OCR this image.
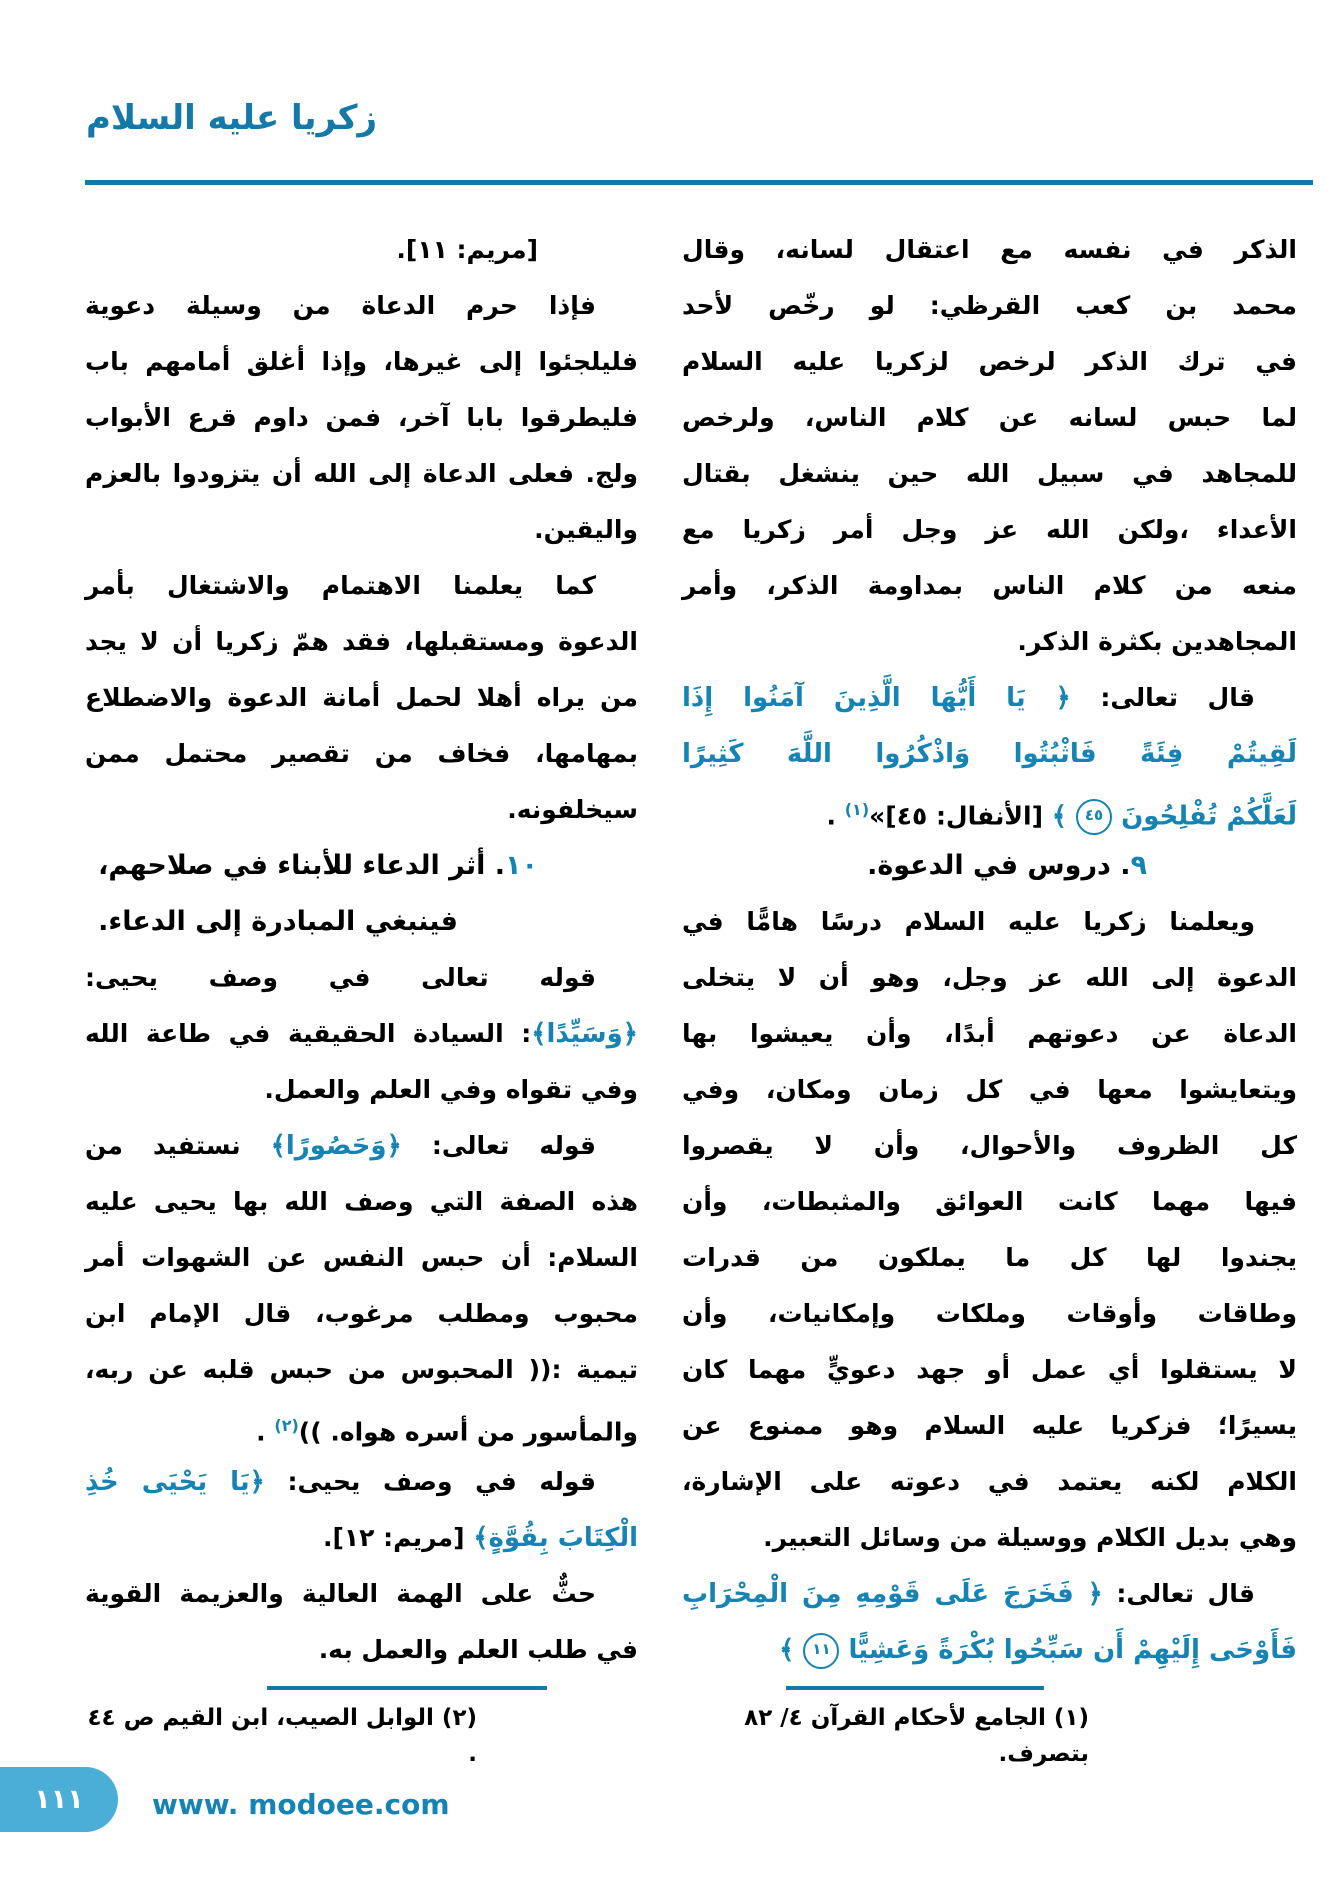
زكريا عليه السلام
الذكر في نفسه مع اعتقال لسانه، وقال
محمد بن كعب القرظي: لو رخّص لأحد
في ترك الذكر لرخص لزكريا عليه السلام
لما حبس لسانه عن كلام الناس، ولرخص
للمجاهد في سبيل الله حين ينشغل بقتال
الأعداء ،ولكن الله عز وجل أمر زكريا مع
منعه من كلام الناس بمداومة الذكر، وأمر
المجاهدين بكثرة الذكر.
قال تعالى: ﴿ يَا أَيُّهَا الَّذِينَ آمَنُوا إِذَا
لَقِيتُمْ فِئَةً فَاثْبُتُوا وَاذْكُرُوا اللَّهَ كَثِيرًا
لَعَلَّكُمْ تُفْلِحُونَ ٤٥ ﴾ [الأنفال: ٤٥]»$^{(١)}$ .
٩. دروس في الدعوة.
ويعلمنا زكريا عليه السلام درسًا هامًّا في
الدعوة إلى الله عز وجل، وهو أن لا يتخلى
الدعاة عن دعوتهم أبدًا، وأن يعيشوا بها
ويتعايشوا معها في كل زمان ومكان، وفي
كل الظروف والأحوال، وأن لا يقصروا
فيها مهما كانت العوائق والمثبطات، وأن
يجندوا لها كل ما يملكون من قدرات
وطاقات وأوقات وملكات وإمكانيات، وأن
لا يستقلوا أي عمل أو جهد دعويٍّ مهما كان
يسيرًا؛ فزكريا عليه السلام وهو ممنوع عن
الكلام لكنه يعتمد في دعوته على الإشارة،
وهي بديل الكلام ووسيلة من وسائل التعبير.
قال تعالى: ﴿ فَخَرَجَ عَلَى قَوْمِهِ مِنَ الْمِحْرَابِ
فَأَوْحَى إِلَيْهِمْ أَن سَبِّحُوا بُكْرَةً وَعَشِيًّا ١١ ﴾
[مريم: ١١].
فإذا حرم الدعاة من وسيلة دعوية
فليلجئوا إلى غيرها، وإذا أغلق أمامهم باب
فليطرقوا بابا آخر، فمن داوم قرع الأبواب
ولج. فعلى الدعاة إلى الله أن يتزودوا بالعزم
واليقين.
كما يعلمنا الاهتمام والاشتغال بأمر
الدعوة ومستقبلها، فقد همّ زكريا أن لا يجد
من يراه أهلا لحمل أمانة الدعوة والاضطلاع
بمهامها، فخاف من تقصير محتمل ممن
سيخلفونه.
١٠. أثر الدعاء للأبناء في صلاحهم،
فينبغي المبادرة إلى الدعاء.
قوله تعالى في وصف يحيى:
﴿وَسَيِّدًا﴾: السيادة الحقيقية في طاعة الله
وفي تقواه وفي العلم والعمل.
قوله تعالى: ﴿وَحَصُورًا﴾ نستفيد من
هذه الصفة التي وصف الله بها يحيى عليه
السلام: أن حبس النفس عن الشهوات أمر
محبوب ومطلب مرغوب، قال الإمام ابن
تيمية :(( المحبوس من حبس قلبه عن ربه،
والمأسور من أسره هواه. ))$^{(٢)}$ .
قوله في وصف يحيى: ﴿يَا يَحْيَى خُذِ
الْكِتَابَ بِقُوَّةٍ﴾ [مريم: ١٢].
حثٌّ على الهمة العالية والعزيمة القوية
في طلب العلم والعمل به.
(١) الجامع لأحكام القرآن ٤/ ٨٢ بتصرف.
(٢) الوابل الصيب، ابن القيم ص ٤٤ .
١١١	www. modoee.com
